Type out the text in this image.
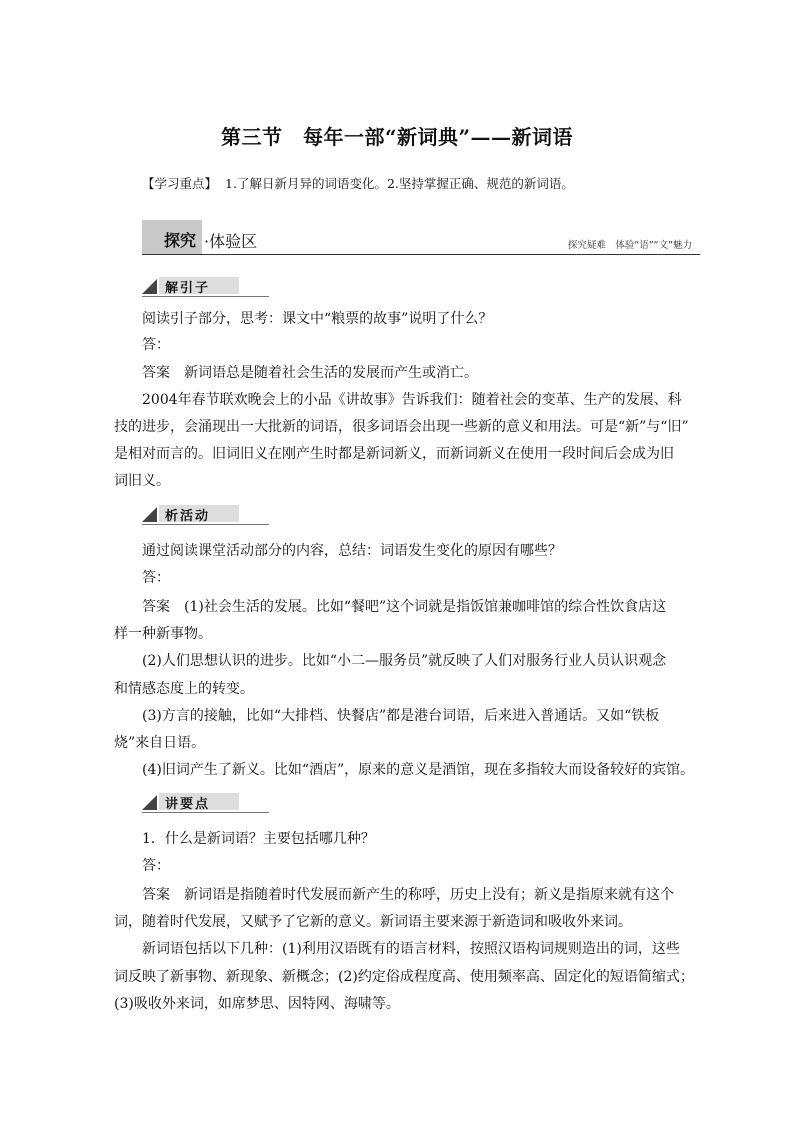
第三节　每年一部“新词典”——新词语
【学习重点】 1.了解日新月异的词语变化。2.坚持掌握正确、规范的新词语。
探究 ·体验区	探究疑难　体验“语”“文”魅力
解引子
阅读引子部分，思考：课文中“粮票的故事”说明了什么？
答：
答案　新词语总是随着社会生活的发展而产生或消亡。
2004年春节联欢晚会上的小品《讲故事》告诉我们：随着社会的变革、生产的发展、科
技的进步，会涌现出一大批新的词语，很多词语会出现一些新的意义和用法。可是“新”与“旧”
是相对而言的。旧词旧义在刚产生时都是新词新义，而新词新义在使用一段时间后会成为旧
词旧义。
析活动
通过阅读课堂活动部分的内容，总结：词语发生变化的原因有哪些？
答：
答案　(1)社会生活的发展。比如“餐吧”这个词就是指饭馆兼咖啡馆的综合性饮食店这
样一种新事物。
(2)人们思想认识的进步。比如“小二—服务员”就反映了人们对服务行业人员认识观念
和情感态度上的转变。
(3)方言的接触，比如“大排档、快餐店”都是港台词语，后来进入普通话。又如“铁板
烧”来自日语。
(4)旧词产生了新义。比如“酒店”，原来的意义是酒馆，现在多指较大而设备较好的宾馆。
讲要点
1．什么是新词语？主要包括哪几种？
答：
答案　新词语是指随着时代发展而新产生的称呼，历史上没有；新义是指原来就有这个
词，随着时代发展，又赋予了它新的意义。新词语主要来源于新造词和吸收外来词。
新词语包括以下几种：(1)利用汉语既有的语言材料，按照汉语构词规则造出的词，这些
词反映了新事物、新现象、新概念；(2)约定俗成程度高、使用频率高、固定化的短语简缩式；
(3)吸收外来词，如席梦思、因特网、海啸等。
